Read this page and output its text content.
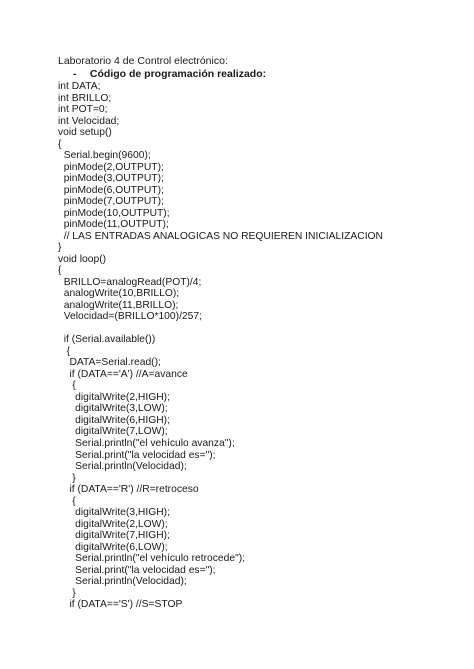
Laboratorio 4 de Control electrónico:
- Código de programación realizado:
int DATA;
int BRILLO;
int POT=0;
int Velocidad;
void setup()
{
Serial.begin(9600);
pinMode(2,OUTPUT);
pinMode(3,OUTPUT);
pinMode(6,OUTPUT);
pinMode(7,OUTPUT);
pinMode(10,OUTPUT);
pinMode(11,OUTPUT);
// LAS ENTRADAS ANALOGICAS NO REQUIEREN INICIALIZACION
}
void loop()
{
BRILLO=analogRead(POT)/4;
analogWrite(10,BRILLO);
analogWrite(11,BRILLO);
Velocidad=(BRILLO*100)/257;
if (Serial.available())
{
DATA=Serial.read();
if (DATA=='A') //A=avance
{
digitalWrite(2,HIGH);
digitalWrite(3,LOW);
digitalWrite(6,HIGH);
digitalWrite(7,LOW);
Serial.println("el vehículo avanza");
Serial.print("la velocidad es=");
Serial.println(Velocidad);
}
if (DATA=='R') //R=retroceso
{
digitalWrite(3,HIGH);
digitalWrite(2,LOW);
digitalWrite(7,HIGH);
digitalWrite(6,LOW);
Serial.println("el vehículo retrocede");
Serial.print("la velocidad es=");
Serial.println(Velocidad);
}
if (DATA=='S') //S=STOP
